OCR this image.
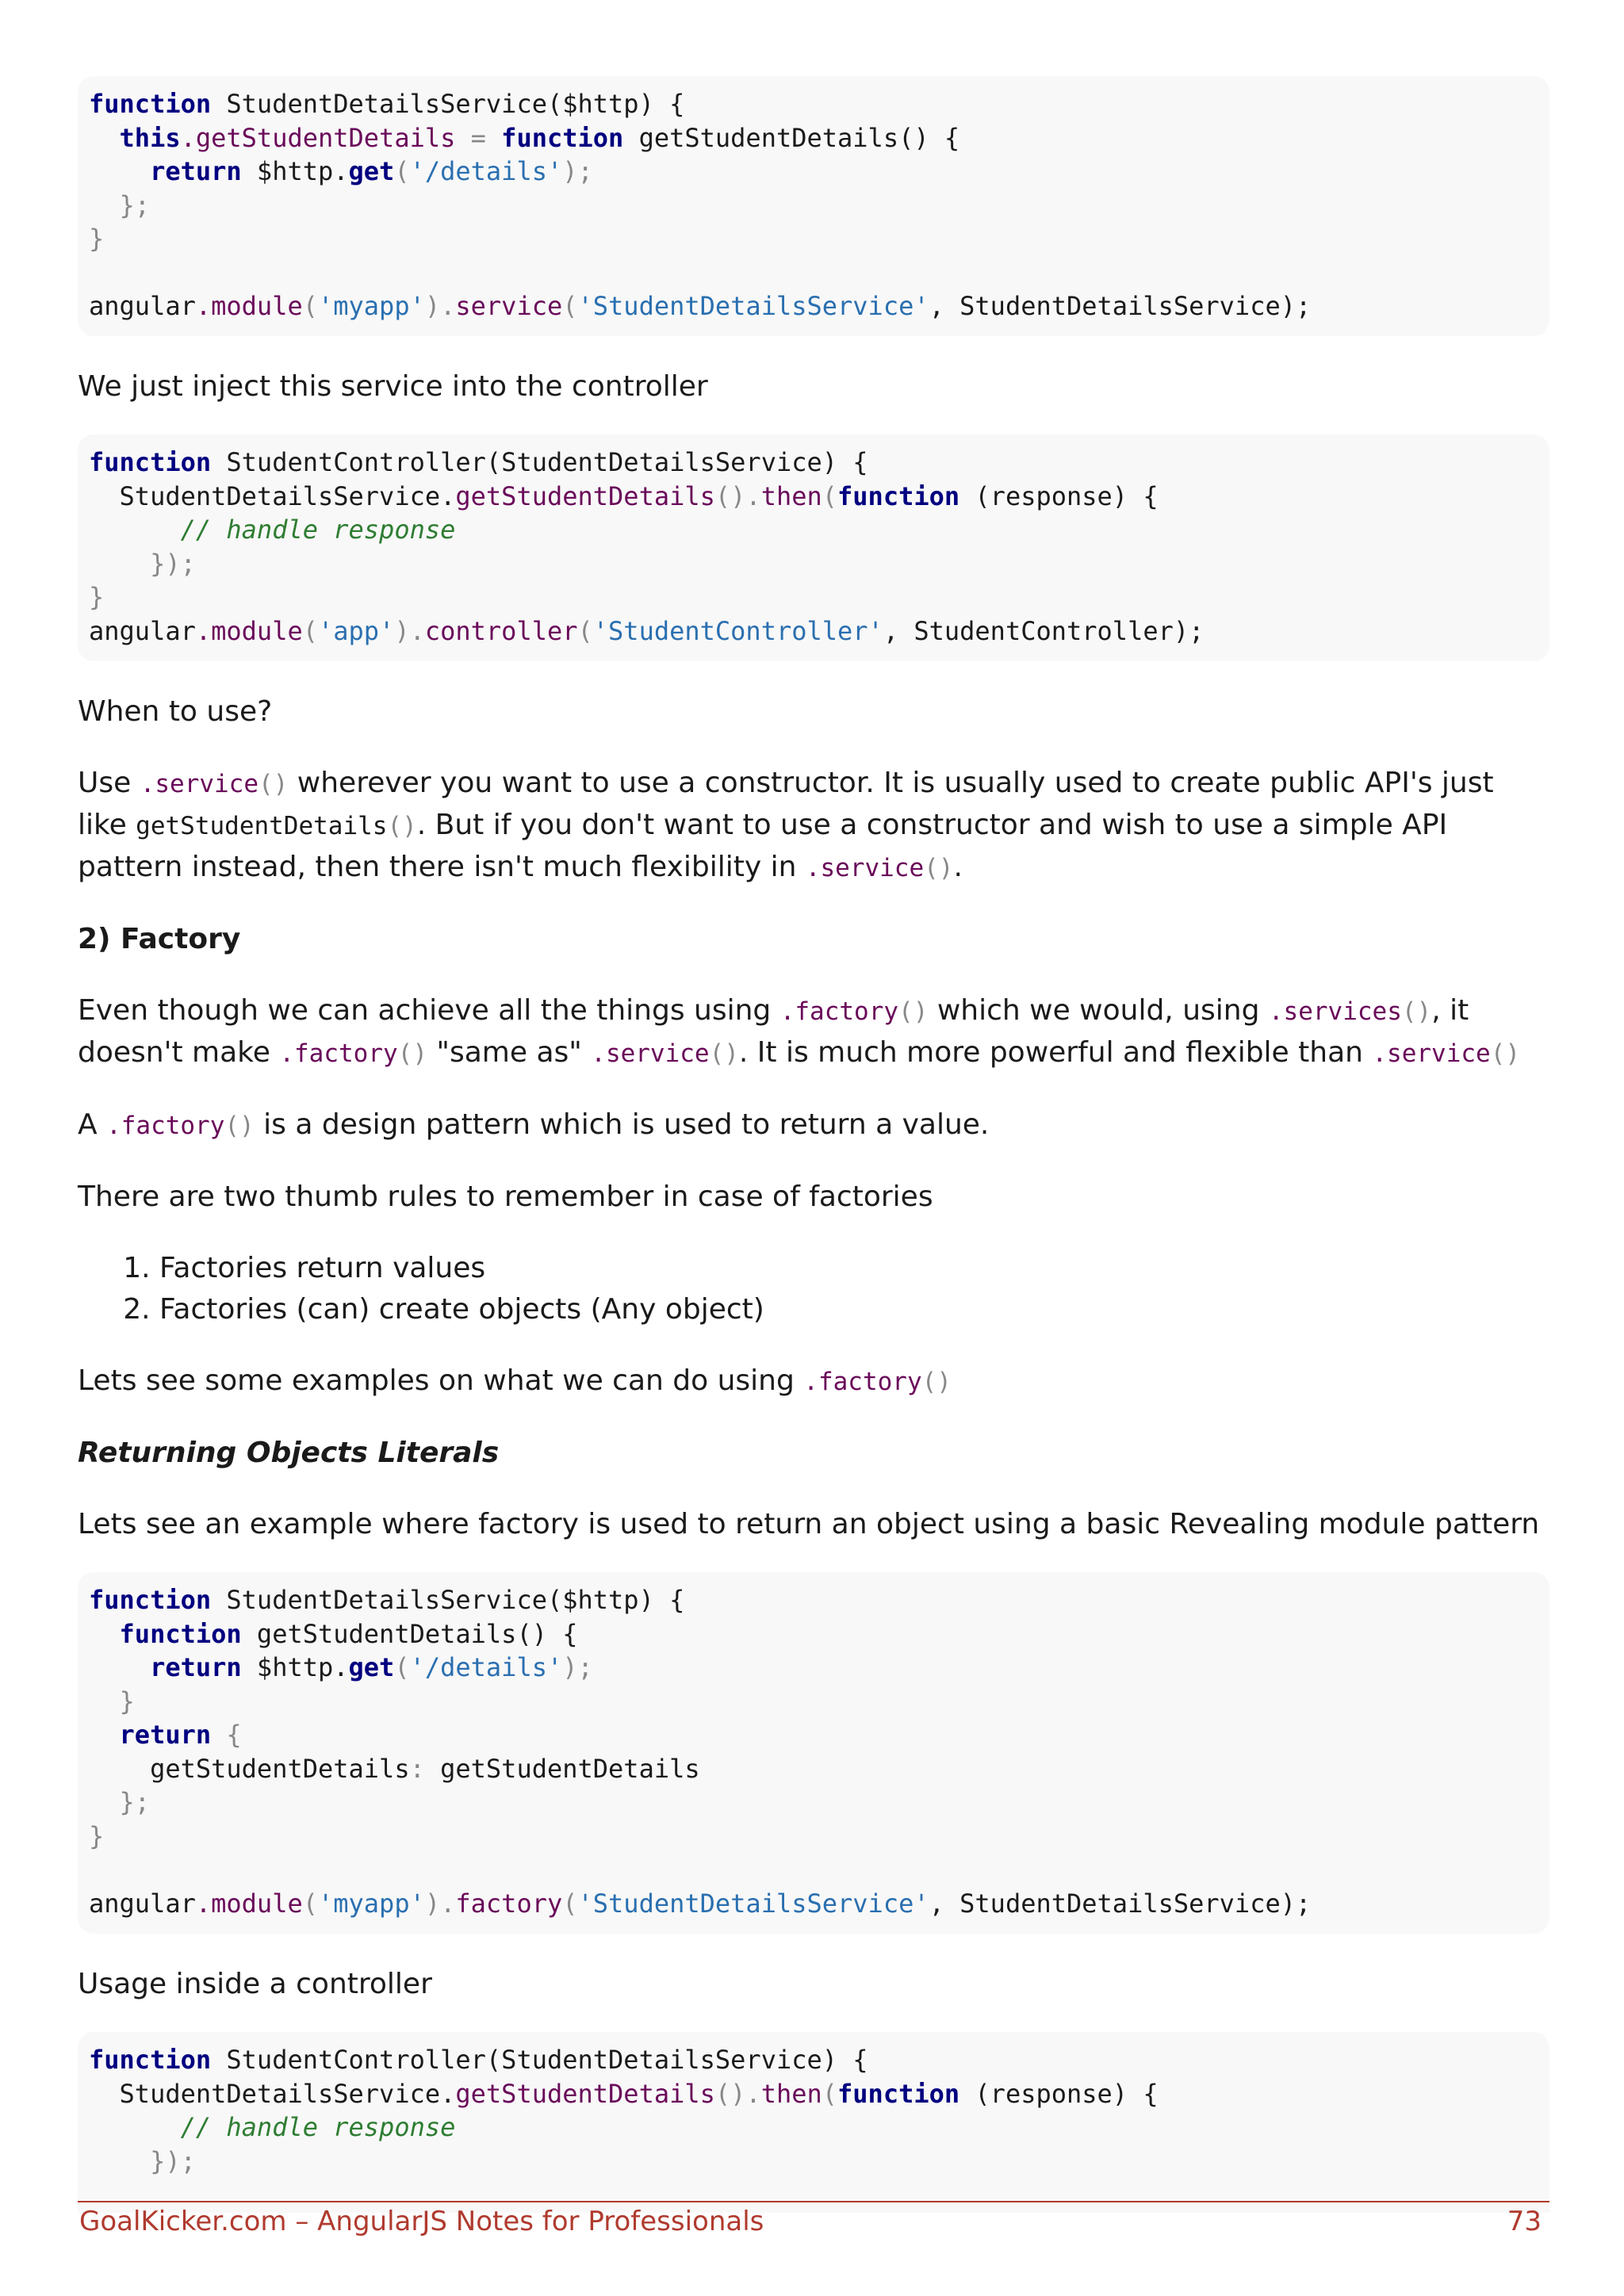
function StudentDetailsService($http) {
this.getStudentDetails = function getStudentDetails() {
return $http.get('/details');
};
}

angular.module('myapp').service('StudentDetailsService', StudentDetailsService);

We just inject this service into the controller

function StudentController(StudentDetailsService) {
StudentDetailsService.getStudentDetails().then(function (response) {
// handle response
});
}
angular.module('app').controller('StudentController', StudentController);

When to use?

Use .service() wherever you want to use a constructor. It is usually used to create public API's just like getStudentDetails(). But if you don't want to use a constructor and wish to use a simple API pattern instead, then there isn't much flexibility in .service().

2) Factory

Even though we can achieve all the things using .factory() which we would, using .services(), it doesn't make .factory() "same as" .service(). It is much more powerful and flexible than .service()

A .factory() is a design pattern which is used to return a value.

There are two thumb rules to remember in case of factories

1. Factories return values
2. Factories (can) create objects (Any object)

Lets see some examples on what we can do using .factory()

Returning Objects Literals

Lets see an example where factory is used to return an object using a basic Revealing module pattern

function StudentDetailsService($http) {
function getStudentDetails() {
return $http.get('/details');
}
return {
getStudentDetails: getStudentDetails
};
}

angular.module('myapp').factory('StudentDetailsService', StudentDetailsService);

Usage inside a controller

function StudentController(StudentDetailsService) {
StudentDetailsService.getStudentDetails().then(function (response) {
// handle response
});
GoalKicker.com – AngularJS Notes for Professionals	73
